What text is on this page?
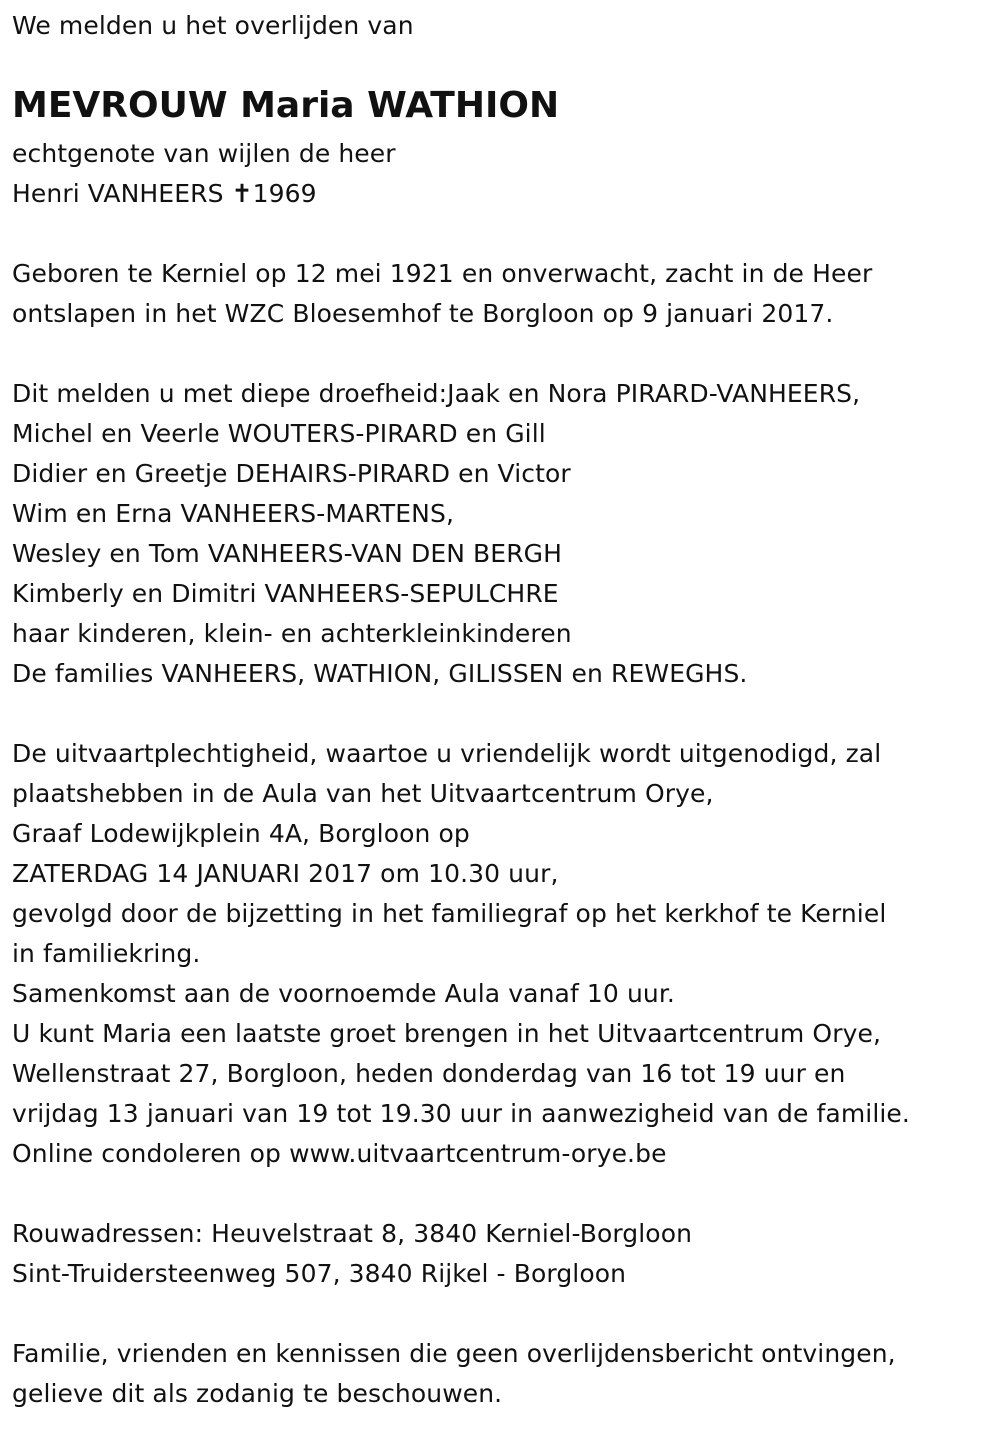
We melden u het overlijden van
MEVROUW Maria WATHION
echtgenote van wijlen de heer
Henri VANHEERS ✝1969
Geboren te Kerniel op 12 mei 1921 en onverwacht, zacht in de Heer
ontslapen in het WZC Bloesemhof te Borgloon op 9 januari 2017.
Dit melden u met diepe droefheid:Jaak en Nora PIRARD-VANHEERS,
Michel en Veerle WOUTERS-PIRARD en Gill
Didier en Greetje DEHAIRS-PIRARD en Victor
Wim en Erna VANHEERS-MARTENS,
Wesley en Tom VANHEERS-VAN DEN BERGH
Kimberly en Dimitri VANHEERS-SEPULCHRE
haar kinderen, klein- en achterkleinkinderen
De families VANHEERS, WATHION, GILISSEN en REWEGHS.
De uitvaartplechtigheid, waartoe u vriendelijk wordt uitgenodigd, zal
plaatshebben in de Aula van het Uitvaartcentrum Orye,
Graaf Lodewijkplein 4A, Borgloon op
ZATERDAG 14 JANUARI 2017 om 10.30 uur,
gevolgd door de bijzetting in het familiegraf op het kerkhof te Kerniel
in familiekring.
Samenkomst aan de voornoemde Aula vanaf 10 uur.
U kunt Maria een laatste groet brengen in het Uitvaartcentrum Orye,
Wellenstraat 27, Borgloon, heden donderdag van 16 tot 19 uur en
vrijdag 13 januari van 19 tot 19.30 uur in aanwezigheid van de familie.
Online condoleren op www.uitvaartcentrum-orye.be
Rouwadressen: Heuvelstraat 8, 3840 Kerniel-Borgloon
Sint-Truidersteenweg 507, 3840 Rijkel - Borgloon
Familie, vrienden en kennissen die geen overlijdensbericht ontvingen,
gelieve dit als zodanig te beschouwen.
